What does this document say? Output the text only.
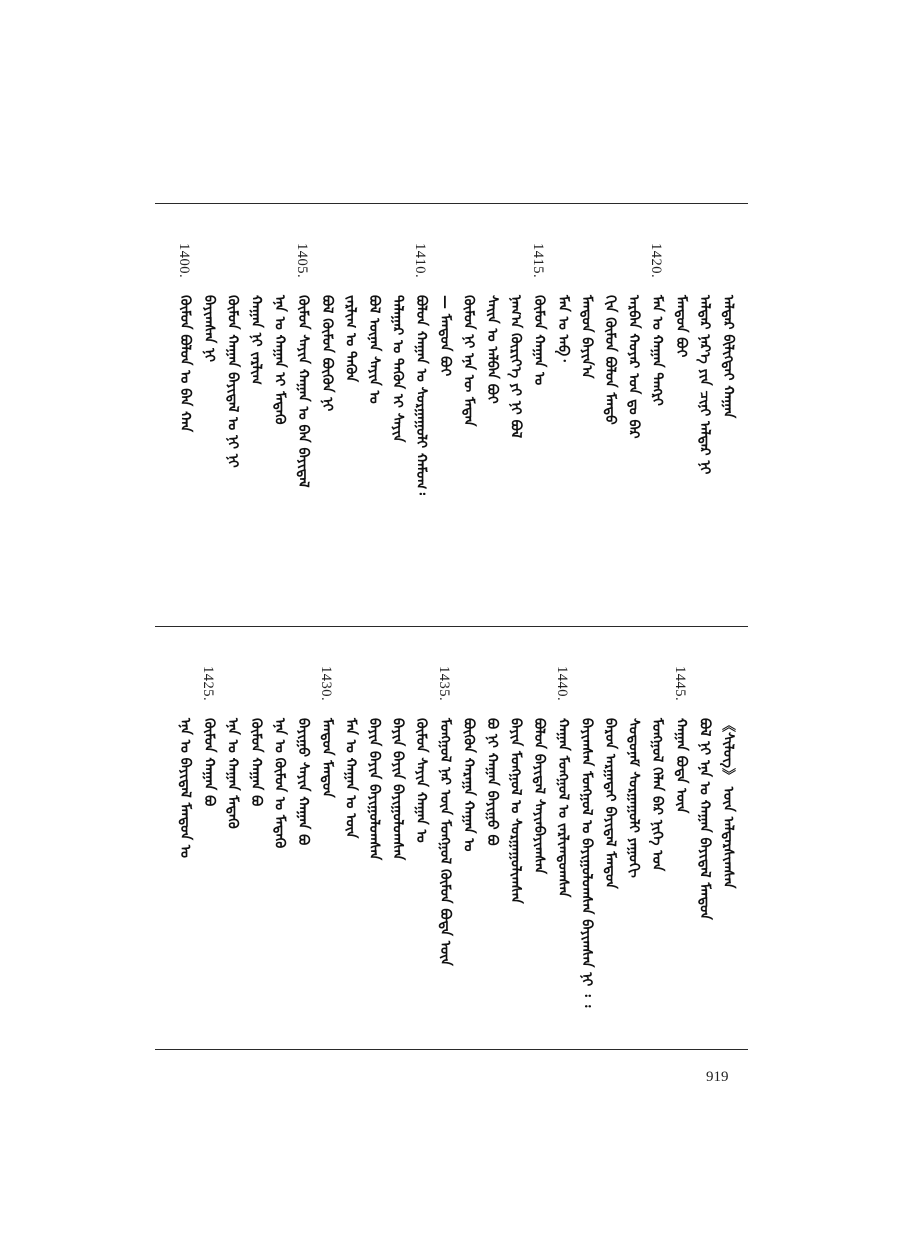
ᠠᠯᠳᠠᠷ ᠪᠢᠯᠢᠭᠲᠡᠢ ᠬᠠᠭᠠᠨ
ᠠᠯᠳᠠᠷ ᠨᠡᠷ᠎ᠡ ᠶᠢᠨ ᠴᠢᠨᠢ ᠠᠯᠳᠠᠷ ᠨᠢ
ᠮᠠᠨᠳᠤᠨ ᠪᠣᠢ
1420.
ᠮᠠᠨ ᠤ ᠬᠠᠭᠠᠨ ᠲᠡᠩᠷᠢ
ᠠᠷᠪᠠᠨ ᠬᠣᠶᠠᠷ ᠣᠨ ᠳᠤ ᠪᠡᠷ
ᠬᠢᠨ ᠬᠦᠮᠦᠨ ᠪᠣᠯᠤᠨ ᠮᠡᠨᠳᠦ
ᠮᠠᠨᠳᠤᠨ ᠪᠠᠶᠢᠨ᠎ᠠ
ᠮᠠᠨ ᠤ ᠠᠪ᠂
1415.
ᠬᠦᠮᠦᠨ ᠬᠠᠭᠠᠨ ᠤ
ᠨᠠᠭ᠎ᠠ ᠬᠦᠷᠢᠶ᠎ᠡ ᠶᠢ ᠨᠢ ᠪᠣᠯ
ᠰᠠᠢᠨ ᠤ ᠠᠯᠪᠠᠨ ᠪᠣᠢ
ᠬᠦᠮᠦᠨ ᠨᠢ ᠡᠨᠡ ᠦ ᠮᠡᠳᠡᠨ
— ᠮᠠᠨᠳᠤᠨ ᠪᠣᠢ
1410.
ᠪᠣᠯᠤᠨ ᠬᠠᠭᠠᠨ ᠤ ᠰᠤᠷᠭᠠᠭᠤᠯᠢ ᠬᠠᠮᠤᠭ᠄
ᠲᠠᠯᠠᠭᠠᠷ ᠤ ᠲᠡᠭᠦᠨ ᠢ ᠰᠠᠶᠢᠨ
ᠪᠣᠯ ᠦᠨᠡᠨ ᠰᠠᠶᠢᠨ ᠤ
ᠵᠠᠷᠯᠢᠭ ᠤ ᠲᠡᠭᠦᠨ
ᠪᠣᠯ ᠬᠦᠮᠦᠨ ᠪᠦᠬᠦᠨ ᠨᠢ
1405.
ᠬᠦᠮᠦᠨ ᠰᠠᠶᠢᠨ ᠬᠠᠭᠠᠨ ᠤ ᠪᠠᠨ ᠪᠠᠶᠢᠳᠠᠯ
ᠡᠨᠡ ᠤ ᠬᠠᠭᠠᠨ ᠢ ᠮᠡᠳᠡᠬᠦ
ᠬᠠᠭᠠᠨ ᠨᠢ ᠵᠠᠷᠯᠢᠭ
ᠬᠦᠮᠦᠨ ᠬᠠᠭᠠᠨ ᠪᠠᠶᠢᠳᠠᠯ ᠤ ᠨᠢ ᠨᠢ
ᠪᠠᠶᠢᠭᠰᠠᠨ ᠨᠢ
1400.
ᠬᠦᠮᠦᠨ ᠪᠣᠯᠤᠨ ᠤ ᠪᠠᠨ ᠬᠠᠨ
《ᠰᠢᠯᠦᠭ》 ᠦᠨ ᠠᠯᠳᠠᠷᠰᠢᠭᠰᠠᠨ
ᠪᠣᠯ ᠨᠢ ᠡᠨᠡ ᠤ ᠬᠠᠭᠠᠨ ᠪᠠᠶᠢᠳᠠᠯ ᠮᠠᠨᠳᠤᠨ
1445.
ᠬᠠᠭᠠᠨ ᠪᠣᠳᠠ ᠦᠨ
ᠮᠣᠩᠭᠣᠯ ᠬᠡᠯᠡᠨ ᠪᠠᠷ ᠨᠢᠭᠡ ᠤᠨ
ᠰᠣᠳᠣᠨᠠᠮ ᠰᠤᠷᠭᠠᠭᠤᠯᠢ ᠶᠠᠭᠤᠬᠢ
ᠪᠠᠷᠤᠨ ᠠᠷᠭᠠᠳᠠᠢ ᠪᠠᠶᠢᠳᠠᠯ ᠮᠠᠨᠳᠤᠨ
ᠪᠠᠶᠢᠭᠰᠠᠨ ᠮᠣᠩᠭᠣᠯ ᠤ ᠪᠠᠶᠢᠭᠤᠯᠤᠭᠰᠠᠨ ᠪᠠᠶᠢᠭᠰᠠᠨ ᠨᠢ ᠄ ᠄
1440.
ᠬᠠᠭᠠᠨ ᠮᠣᠩᠭᠣᠯ ᠤ ᠵᠠᠷᠯᠢᠭᠲᠤᠭᠰᠠᠨ
ᠪᠣᠯᠤᠨ ᠪᠠᠶᠢᠳᠠᠯ ᠰᠠᠶᠢᠨᠪᠠᠶᠢᠭᠰᠠᠨ
ᠪᠠᠶᠢᠨ ᠮᠣᠩᠭᠣᠯ ᠤ ᠰᠤᠷᠭᠠᠭᠤᠯᠢᠭᠰᠠᠨ
ᠪᠣ ᠨᠢ ᠬᠠᠭᠠᠨ ᠪᠠᠶᠢᠭᠤ ᠪᠣ
ᠪᠦᠬᠦᠨ ᠬᠠᠷᠠᠭᠠ ᠬᠠᠭᠠᠨ ᠤ
1435.
ᠮᠣᠩᠭᠣᠯ ᠨᠠᠷ ᠦᠨ ᠮᠣᠩᠭᠣᠯ ᠬᠦᠮᠦᠨ ᠪᠣᠳᠠ ᠦᠨ
ᠬᠦᠮᠦᠨ ᠰᠠᠶᠢᠨ ᠬᠠᠭᠠᠨ ᠤ
ᠪᠠᠶᠢᠨ ᠪᠠᠶᠢᠨ ᠪᠠᠶᠢᠭᠤᠯᠤᠭᠰᠠᠨ
ᠪᠠᠶᠢᠨ ᠪᠠᠶᠢᠨ ᠪᠠᠶᠢᠭᠤᠯᠤᠭᠰᠠᠨ
ᠮᠠᠨ ᠤ ᠬᠠᠭᠠᠨ ᠤ ᠦᠨ
1430.
ᠮᠠᠨᠳᠤᠨ ᠮᠠᠨᠳᠤᠨ
ᠪᠠᠶᠢᠭᠤ ᠰᠠᠶᠢᠨ ᠬᠠᠭᠠᠨ ᠪᠣ
ᠡᠨᠡ ᠤ ᠬᠦᠮᠦᠨ ᠤ ᠮᠡᠳᠡᠬᠦ
ᠬᠦᠮᠦᠨ ᠬᠠᠭᠠᠨ ᠪᠣ
ᠡᠨᠡ ᠤ ᠬᠠᠭᠠᠨ ᠮᠡᠳᠡᠬᠦ
1425.
ᠬᠦᠮᠦᠨ ᠬᠠᠭᠠᠨ ᠪᠣ
ᠡᠨᠡ ᠤ ᠪᠠᠶᠢᠳᠠᠯ ᠮᠠᠨᠳᠤᠨ ᠤ
919
